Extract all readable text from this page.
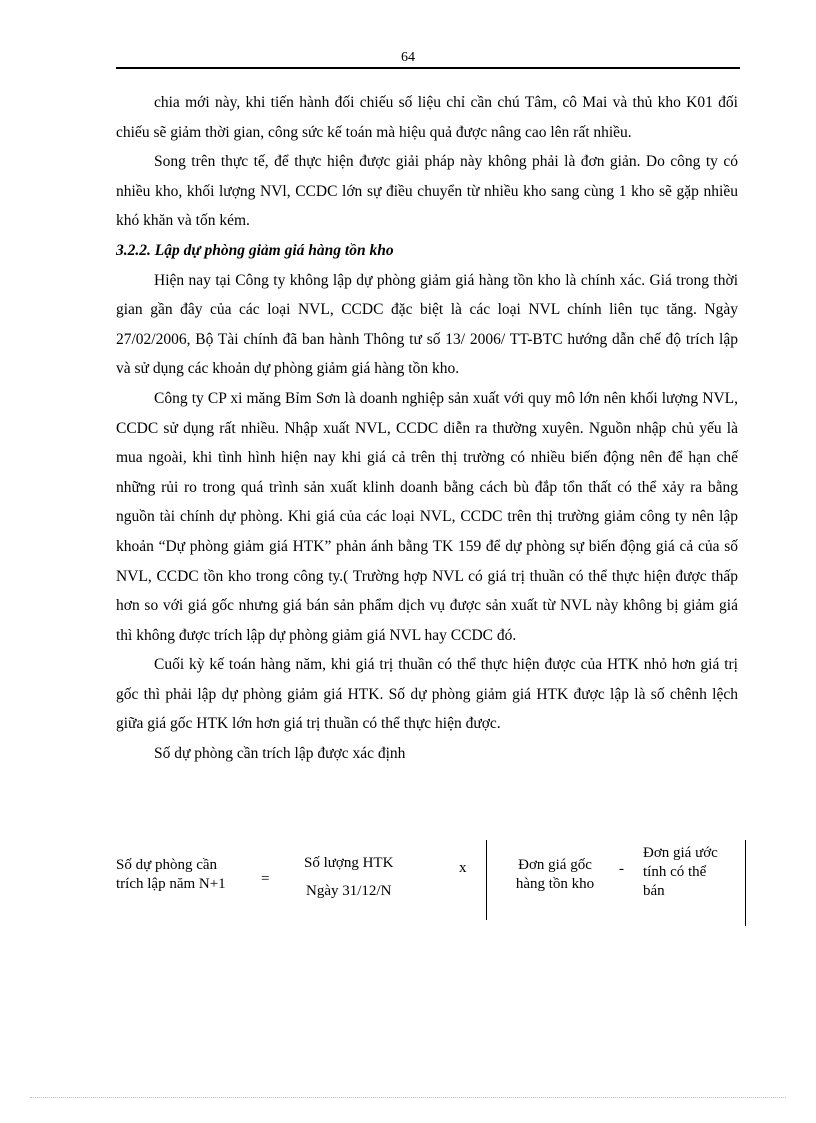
64

chia mới này, khi tiến hành đối chiếu số liệu chỉ cần chú Tâm, cô Mai và thủ kho K01 đối chiếu sẽ giảm thời gian, công sức kế toán mà hiệu quả được nâng cao lên rất nhiều.

Song trên thực tế, để thực hiện được giải pháp này không phải là đơn giản. Do công ty có nhiều kho, khối lượng NVl, CCDC lớn sự điều chuyển từ nhiều kho sang cùng 1 kho sẽ gặp nhiều khó khăn và tốn kém.

3.2.2. Lập dự phòng giảm giá hàng tồn kho

Hiện nay tại Công ty không lập dự phòng giảm giá hàng tồn kho là chính xác. Giá trong thời gian gần đây của các loại NVL, CCDC đặc biệt là các loại NVL chính liên tục tăng. Ngày 27/02/2006, Bộ Tài chính đã ban hành Thông tư số 13/ 2006/ TT-BTC hướng dẫn chế độ trích lập và sử dụng các khoản dự phòng giảm giá hàng tồn kho.

Công ty CP xi măng Bỉm Sơn là doanh nghiệp sản xuất với quy mô lớn nên khối lượng NVL, CCDC sử dụng rất nhiều. Nhập xuất NVL, CCDC diễn ra thường xuyên. Nguồn nhập chủ yếu là mua ngoài, khi tình hình hiện nay khi giá cả trên thị trường có nhiều biến động nên để hạn chế những rủi ro trong quá trình sản xuất klinh doanh bằng cách bù đắp tổn thất có thể xảy ra bằng nguồn tài chính dự phòng. Khi giá của các loại NVL, CCDC trên thị trường giảm công ty nên lập khoản “Dự phòng giảm giá HTK” phản ánh bằng TK 159 để dự phòng sự biến động giá cả của số NVL, CCDC tồn kho trong công ty.( Trường hợp NVL có giá trị thuần có thể thực hiện được thấp hơn so với giá gốc nhưng giá bán sản phẩm dịch vụ được sản xuất từ NVL này không bị giảm giá thì không được trích lập dự phòng giảm giá NVL hay CCDC đó.

Cuối kỳ kế toán hàng năm, khi giá trị thuần có thể thực hiện được của HTK nhỏ hơn giá trị gốc thì phải lập dự phòng giảm giá HTK. Số dự phòng giảm giá HTK được lập là số chênh lệch giữa giá gốc HTK lớn hơn giá trị thuần có thể thực hiện được.

Số dự phòng cần trích lập được xác định

Số dự phòng cần
trích lập năm N+1 =
Số lượng HTK
Ngày 31/12/N
x	Đơn giá gốc
hàng tồn kho
-
Đơn giá ước
tính có thể
bán
